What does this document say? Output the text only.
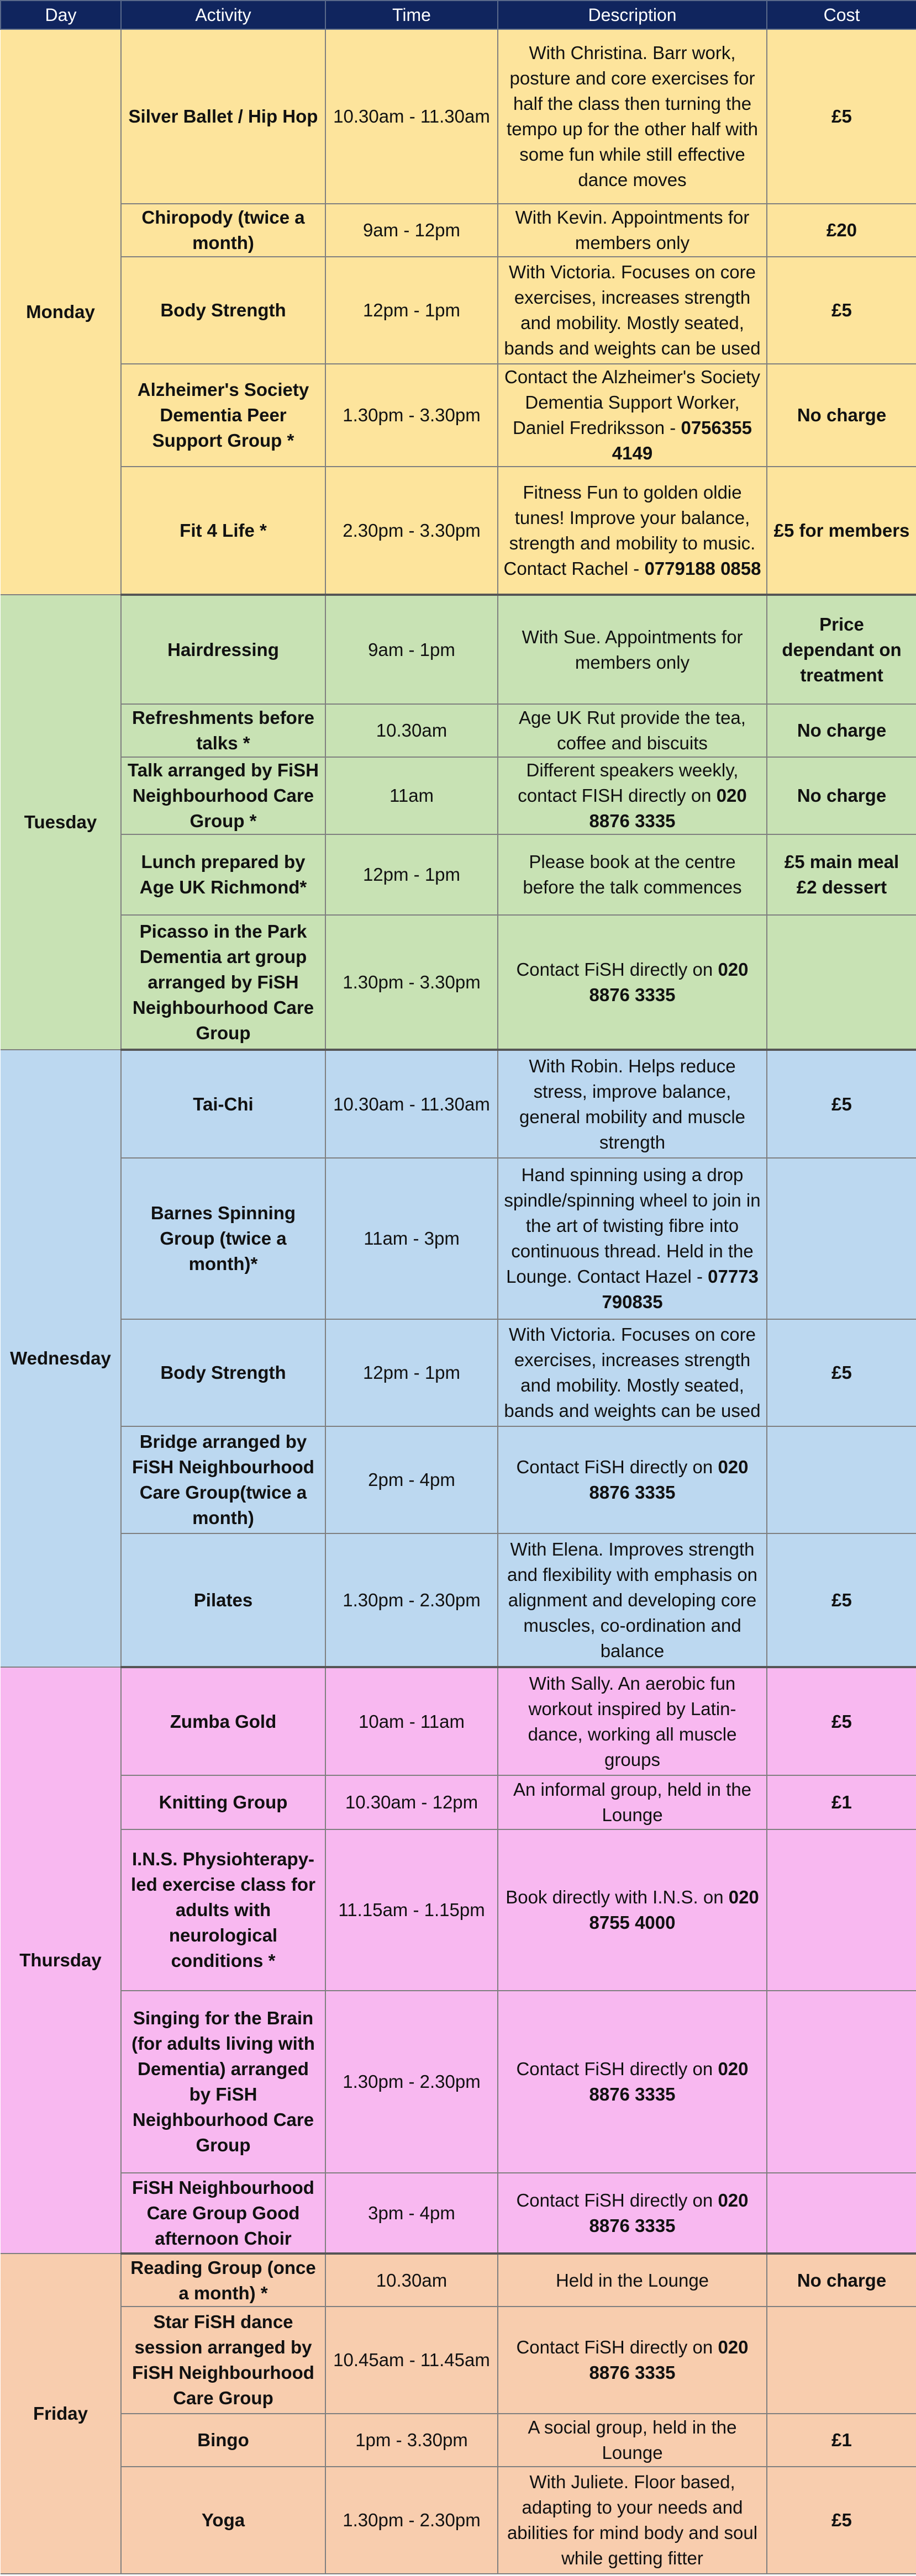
Day	Activity	Time	Description	Cost
Monday	Silver Ballet / Hip Hop	10.30am - 11.30am	With Christina. Barr work, posture and core exercises for half the class then turning the tempo up for the other half with some fun while still effective dance moves	£5
	Chiropody (twice a month)	9am - 12pm	With Kevin. Appointments for members only	£20
	Body Strength	12pm - 1pm	With Victoria. Focuses on core exercises, increases strength and mobility. Mostly seated, bands and weights can be used	£5
	Alzheimer's Society Dementia Peer Support Group *	1.30pm - 3.30pm	Contact the Alzheimer's Society Dementia Support Worker, Daniel Fredriksson - 0756355 4149	No charge
	Fit 4 Life *	2.30pm - 3.30pm	Fitness Fun to golden oldie tunes! Improve your balance, strength and mobility to music. Contact Rachel - 0779188 0858	£5 for members
Tuesday	Hairdressing	9am - 1pm	With Sue. Appointments for members only	Price dependant on treatment
	Refreshments before talks *	10.30am	Age UK Rut provide the tea, coffee and biscuits	No charge
	Talk arranged by FiSH Neighbourhood Care Group *	11am	Different speakers weekly, contact FISH directly on 020 8876 3335	No charge
	Lunch prepared by Age UK Richmond*	12pm - 1pm	Please book at the centre before the talk commences	£5 main meal £2 dessert
	Picasso in the Park Dementia art group arranged by FiSH Neighbourhood Care Group	1.30pm - 3.30pm	Contact FiSH directly on 020 8876 3335	
Wednesday	Tai-Chi	10.30am - 11.30am	With Robin. Helps reduce stress, improve balance, general mobility and muscle strength	£5
	Barnes Spinning Group (twice a month)*	11am - 3pm	Hand spinning using a drop spindle/spinning wheel to join in the art of twisting fibre into continuous thread. Held in the Lounge. Contact Hazel - 07773 790835	
	Body Strength	12pm - 1pm	With Victoria. Focuses on core exercises, increases strength and mobility. Mostly seated, bands and weights can be used	£5
	Bridge arranged by FiSH Neighbourhood Care Group(twice a month)	2pm - 4pm	Contact FiSH directly on 020 8876 3335	
	Pilates	1.30pm - 2.30pm	With Elena. Improves strength and flexibility with emphasis on alignment and developing core muscles, co-ordination and balance	£5
Thursday	Zumba Gold	10am - 11am	With Sally. An aerobic fun workout inspired by Latin-dance, working all muscle groups	£5
	Knitting Group	10.30am - 12pm	An informal group, held in the Lounge	£1
	I.N.S. Physiohterapy-led exercise class for adults with neurological conditions *	11.15am - 1.15pm	Book directly with I.N.S. on 020 8755 4000	
	Singing for the Brain (for adults living with Dementia) arranged by FiSH Neighbourhood Care Group	1.30pm - 2.30pm	Contact FiSH directly on 020 8876 3335	
	FiSH Neighbourhood Care Group Good afternoon Choir	3pm - 4pm	Contact FiSH directly on 020 8876 3335	
Friday	Reading Group (once a month) *	10.30am	Held in the Lounge	No charge
	Star FiSH dance session arranged by FiSH Neighbourhood Care Group	10.45am - 11.45am	Contact FiSH directly on 020 8876 3335	
	Bingo	1pm - 3.30pm	A social group, held in the Lounge	£1
	Yoga	1.30pm - 2.30pm	With Juliete. Floor based, adapting to your needs and abilities for mind body and soul while getting fitter	£5
